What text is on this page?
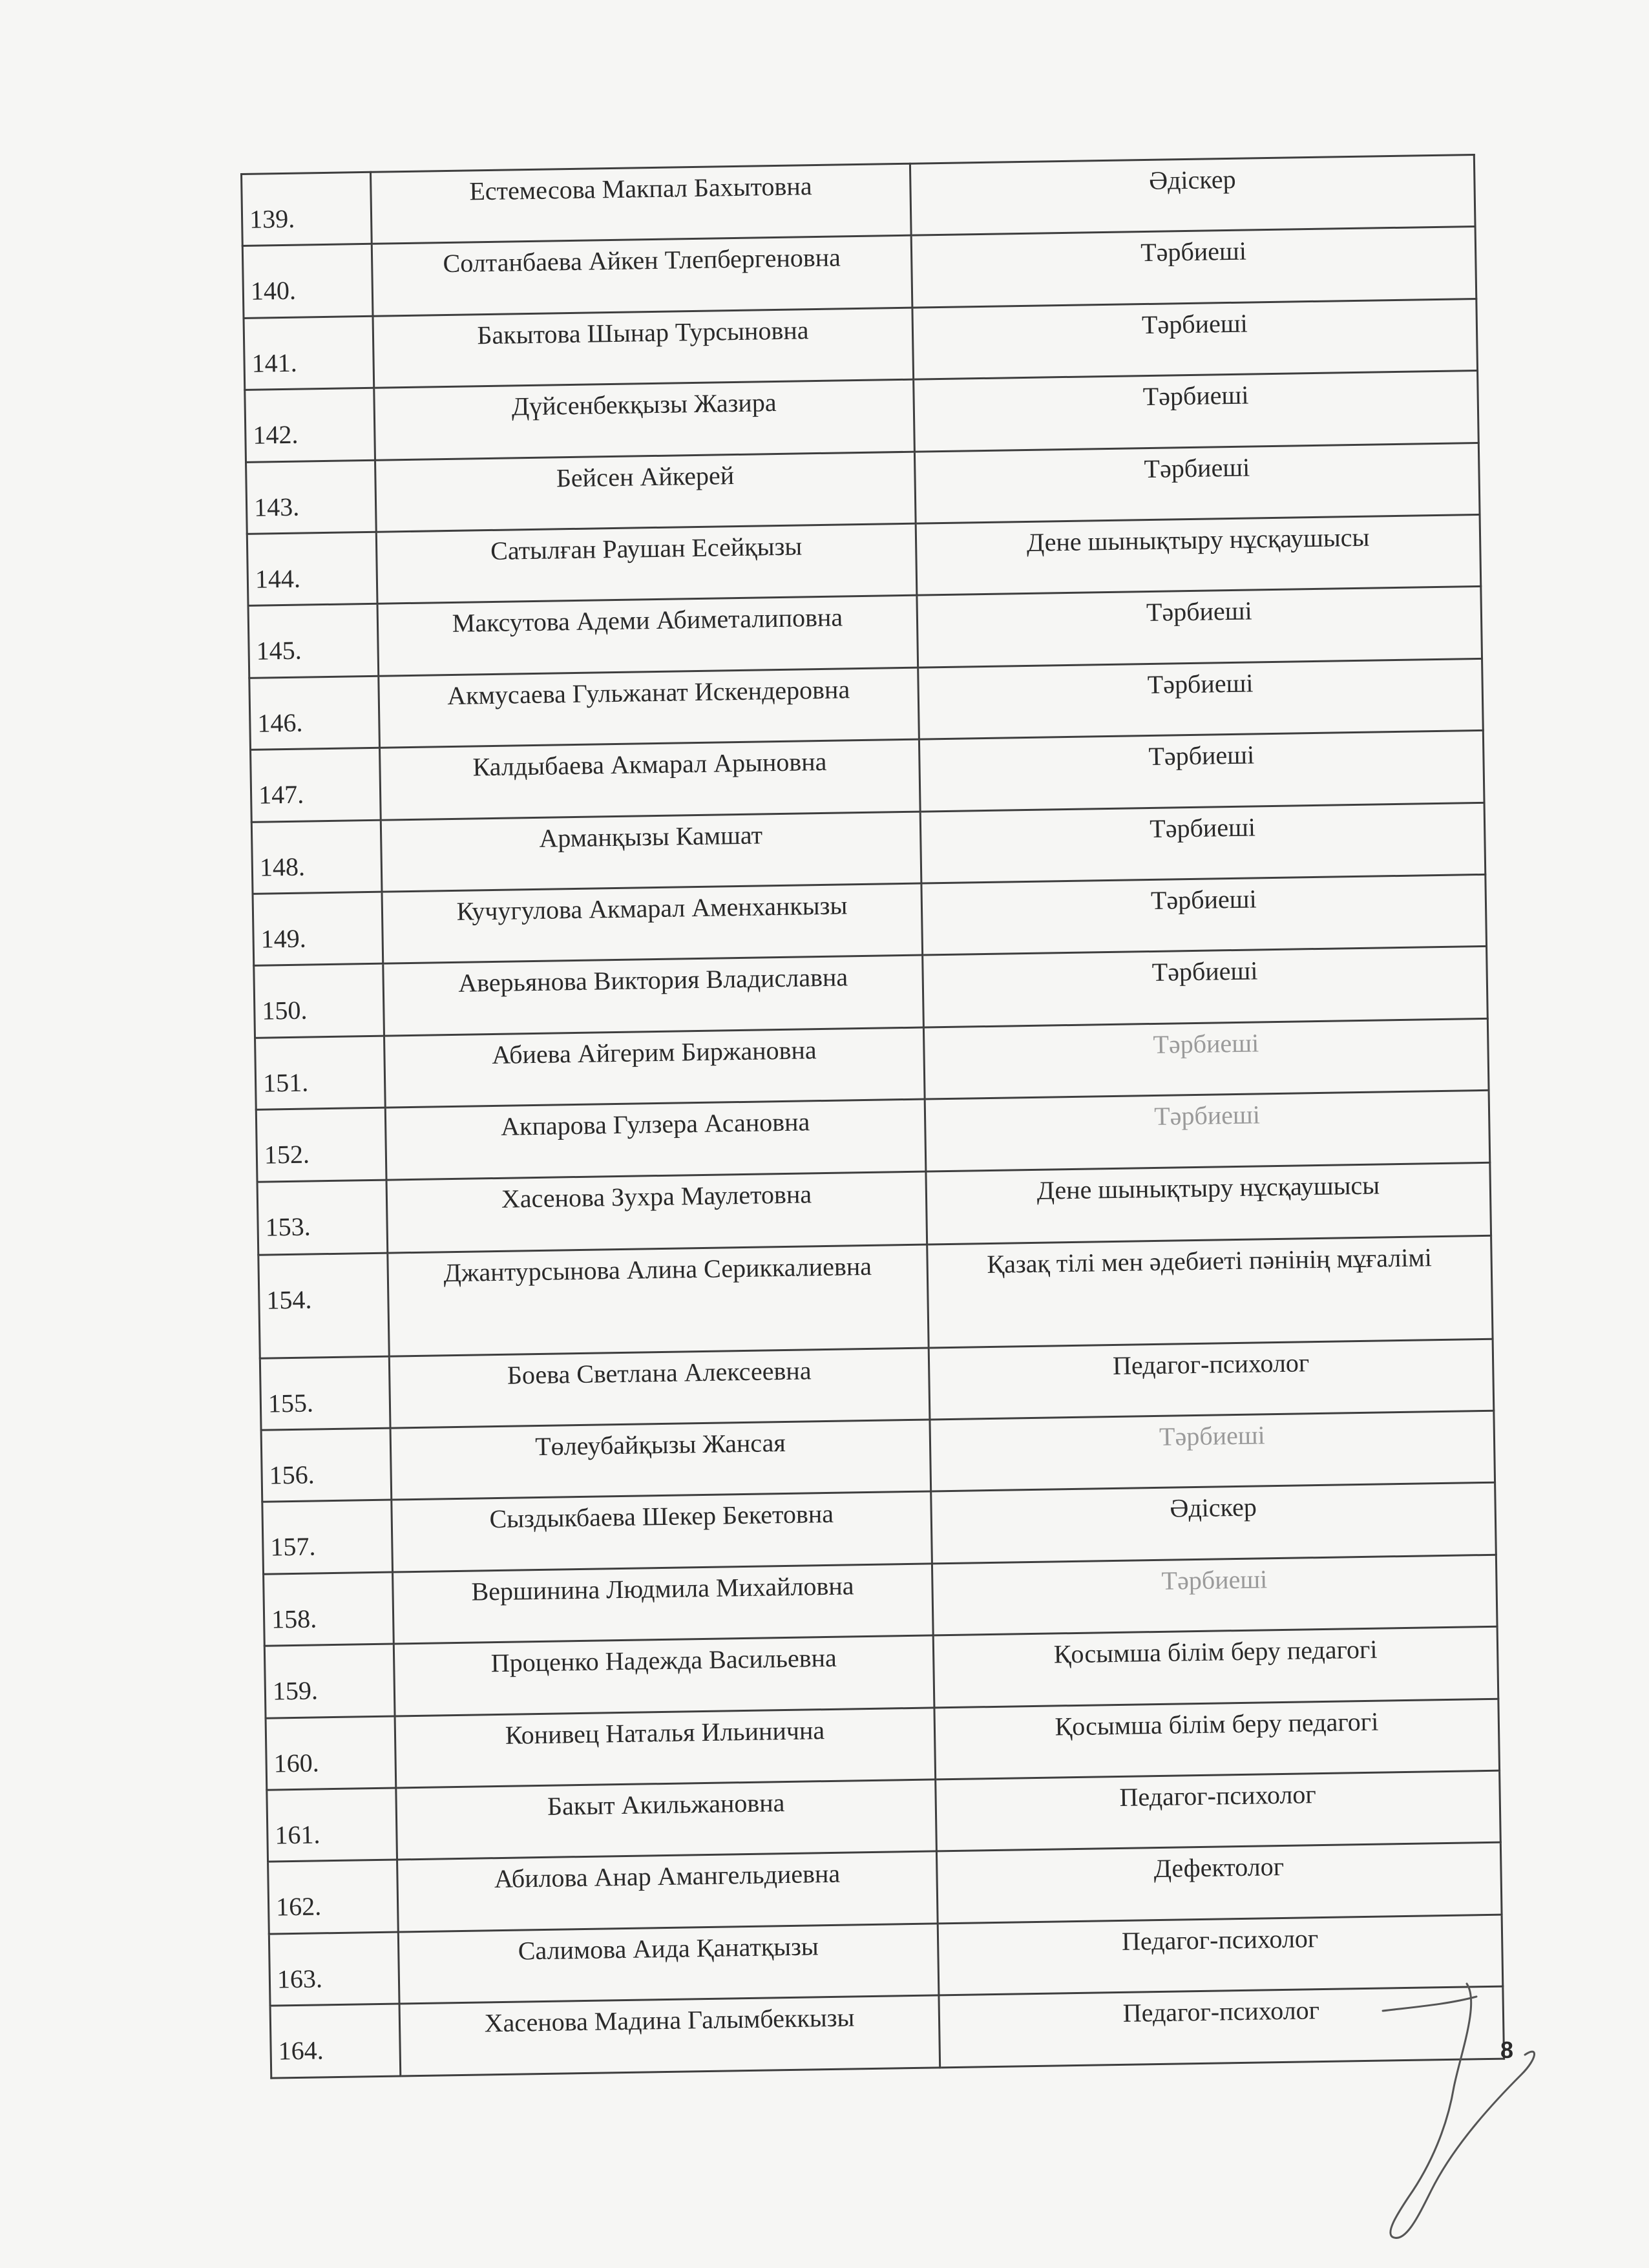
139.	Естемесова Макпал Бахытовна	Әдіскер
140.	Солтанбаева Айкен Тлепбергеновна	Тәрбиеші
141.	Бакытова Шынар Турсыновна	Тәрбиеші
142.	Дүйсенбекқызы Жазира	Тәрбиеші
143.	Бейсен Айкерей	Тәрбиеші
144.	Сатылған Раушан Есейқызы	Дене шынықтыру нұсқаушысы
145.	Максутова Адеми Абиметалиповна	Тәрбиеші
146.	Акмусаева Гульжанат Искендеровна	Тәрбиеші
147.	Калдыбаева Акмарал Арыновна	Тәрбиеші
148.	Арманқызы Камшат	Тәрбиеші
149.	Кучугулова Акмарал Аменханкызы	Тәрбиеші
150.	Аверьянова Виктория Владиславна	Тәрбиеші
151.	Абиева Айгерим Биржановна	Тәрбиеші
152.	Акпарова Гулзера Асановна	Тәрбиеші
153.	Хасенова Зухра Маулетовна	Дене шынықтыру нұсқаушысы
154.	Джантурсынова Алина Сериккалиевна	Қазақ тілі мен әдебиеті пәнінің мұғалімі
155.	Боева Светлана Алексеевна	Педагог-психолог
156.	Төлеубайқызы Жансая	Тәрбиеші
157.	Сыздыкбаева Шекер Бекетовна	Әдіскер
158.	Вершинина Людмила Михайловна	Тәрбиеші
159.	Проценко Надежда Васильевна	Қосымша білім беру педагогі
160.	Конивец Наталья Ильинична	Қосымша білім беру педагогі
161.	Бакыт Акильжановна	Педагог-психолог
162.	Абилова Анар Амангельдиевна	Дефектолог
163.	Салимова Аида Қанатқызы	Педагог-психолог
164.	Хасенова Мадина Галымбеккызы	Педагог-психолог
8
